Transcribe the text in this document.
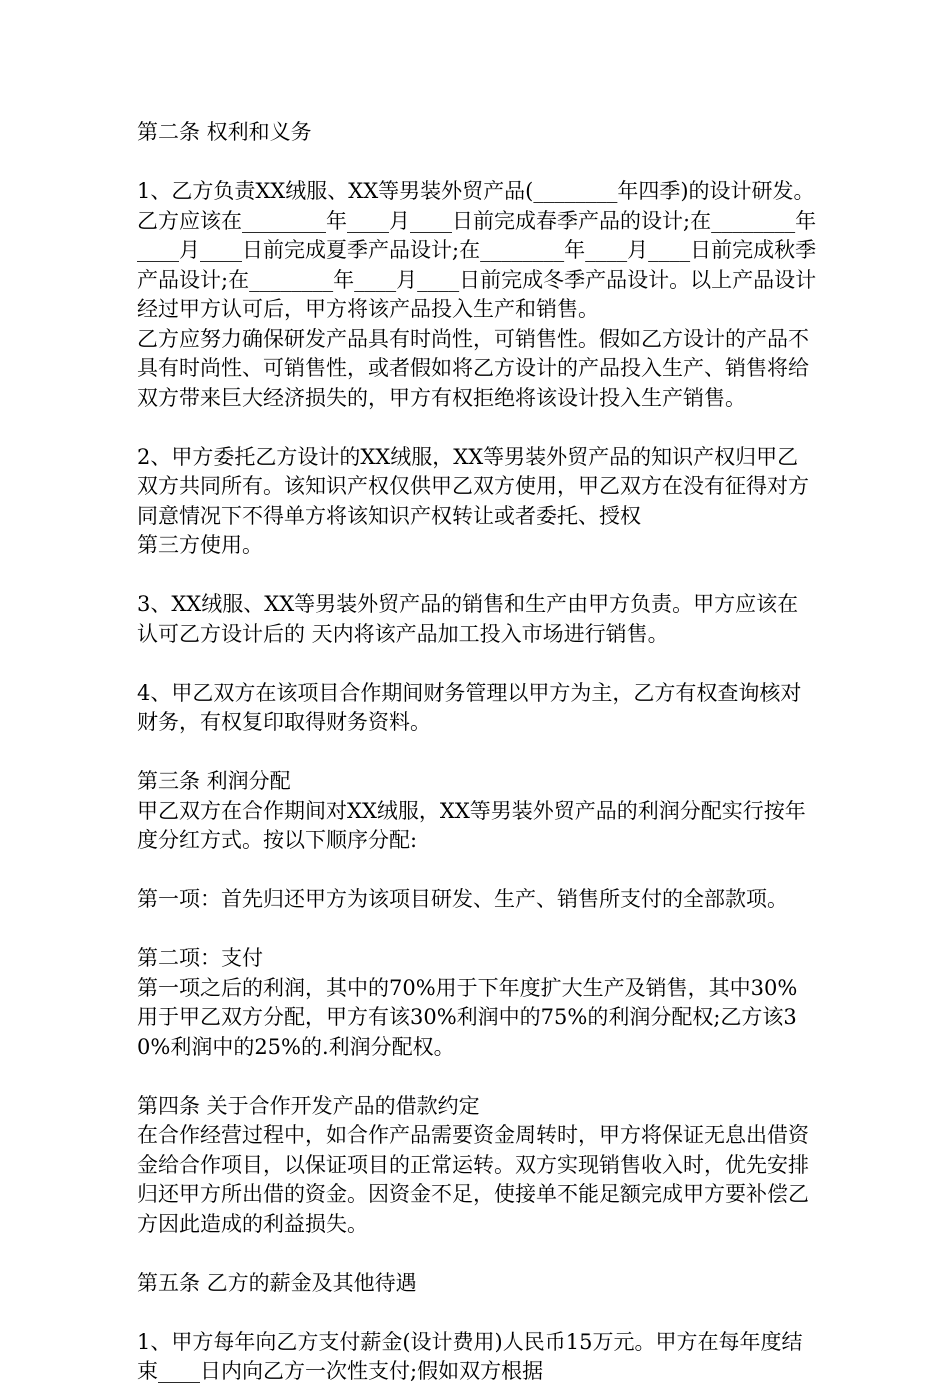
第二条 权利和义务

1、乙方负责XX绒服、XX等男装外贸产品(________年四季)的设计研发。乙方应该在________年____月____日前完成春季产品的设计;在________年____月____日前完成夏季产品设计;在________年____月____日前完成秋季产品设计;在________年____月____日前完成冬季产品设计。以上产品设计经过甲方认可后，甲方将该产品投入生产和销售。

乙方应努力确保研发产品具有时尚性，可销售性。假如乙方设计的产品不具有时尚性、可销售性，或者假如将乙方设计的产品投入生产、销售将给双方带来巨大经济损失的，甲方有权拒绝将该设计投入生产销售。

2、甲方委托乙方设计的XX绒服，XX等男装外贸产品的知识产权归甲乙双方共同所有。该知识产权仅供甲乙双方使用，甲乙双方在没有征得对方同意情况下不得单方将该知识产权转让或者委托、授权

第三方使用。

3、XX绒服、XX等男装外贸产品的销售和生产由甲方负责。甲方应该在认可乙方设计后的 天内将该产品加工投入市场进行销售。

4、甲乙双方在该项目合作期间财务管理以甲方为主，乙方有权查询核对财务，有权复印取得财务资料。

第三条 利润分配

甲乙双方在合作期间对XX绒服，XX等男装外贸产品的利润分配实行按年度分红方式。按以下顺序分配:

第一项：首先归还甲方为该项目研发、生产、销售所支付的全部款项。

第二项：支付

第一项之后的利润，其中的70%用于下年度扩大生产及销售，其中30%用于甲乙双方分配，甲方有该30%利润中的75%的利润分配权;乙方该30%利润中的25%的.利润分配权。

第四条 关于合作开发产品的借款约定

在合作经营过程中，如合作产品需要资金周转时，甲方将保证无息出借资金给合作项目，以保证项目的正常运转。双方实现销售收入时，优先安排归还甲方所出借的资金。因资金不足，使接单不能足额完成甲方要补偿乙方因此造成的利益损失。

第五条 乙方的薪金及其他待遇

1、甲方每年向乙方支付薪金(设计费用)人民币15万元。甲方在每年度结束____日内向乙方一次性支付;假如双方根据
